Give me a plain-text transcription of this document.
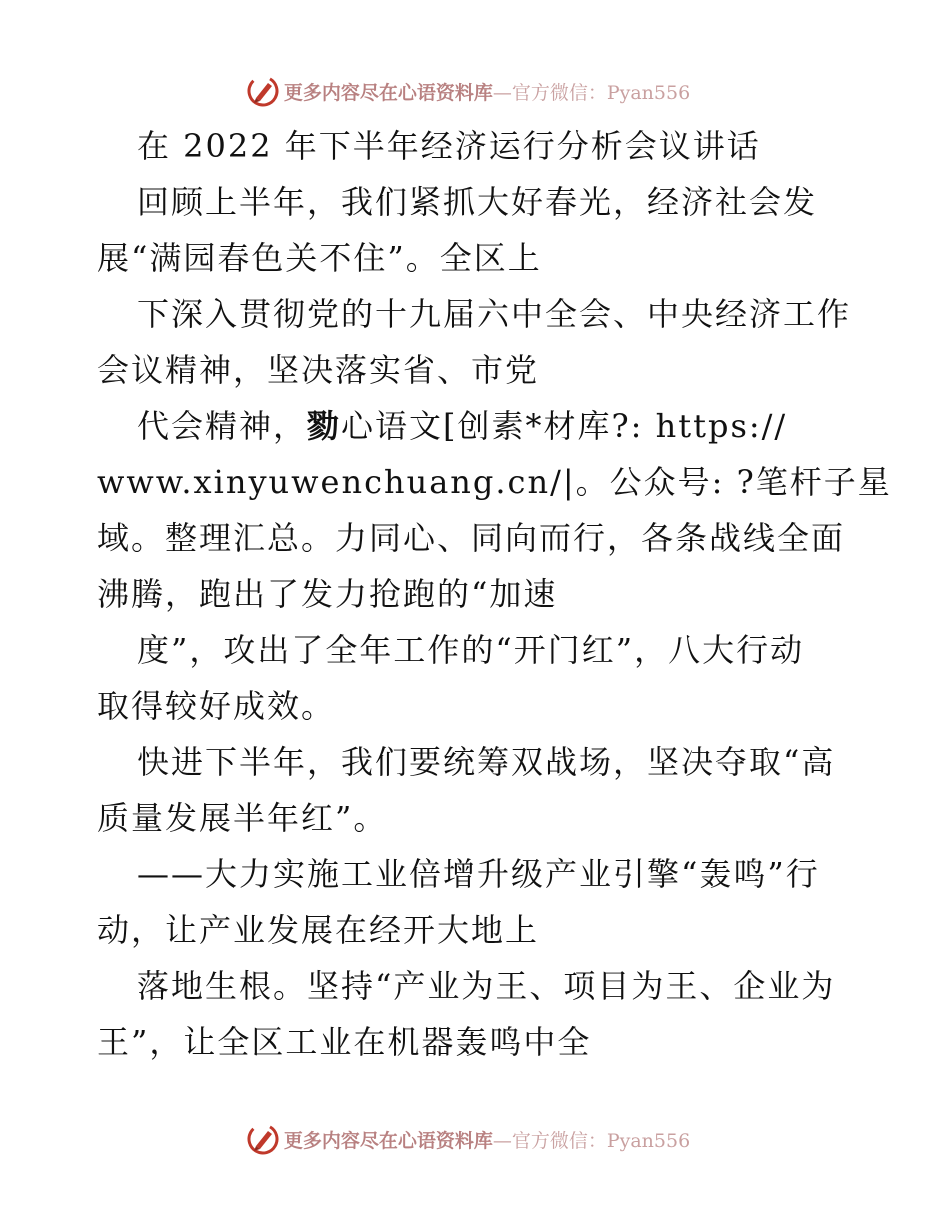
更多内容尽在心语资料库—官方微信：Pyan556
在 2022 年下半年经济运行分析会议讲话
回顾上半年，我们紧抓大好春光，经济社会发
展“满园春色关不住”。全区上
下深入贯彻党的十九届六中全会、中央经济工作
会议精神，坚决落实省、市党
代会精神，勠心语文[创素*材库?: https://
www.xinyuwenchuang.cn/|。公众号: ?笔杆子星
域。整理汇总。力同心、同向而行，各条战线全面
沸腾，跑出了发力抢跑的“加速
度”，攻出了全年工作的“开门红”，八大行动
取得较好成效。
快进下半年，我们要统筹双战场，坚决夺取“高
质量发展半年红”。
——大力实施工业倍增升级产业引擎“轰鸣”行
动，让产业发展在经开大地上
落地生根。坚持“产业为王、项目为王、企业为
王”，让全区工业在机器轰鸣中全
更多内容尽在心语资料库—官方微信：Pyan556
